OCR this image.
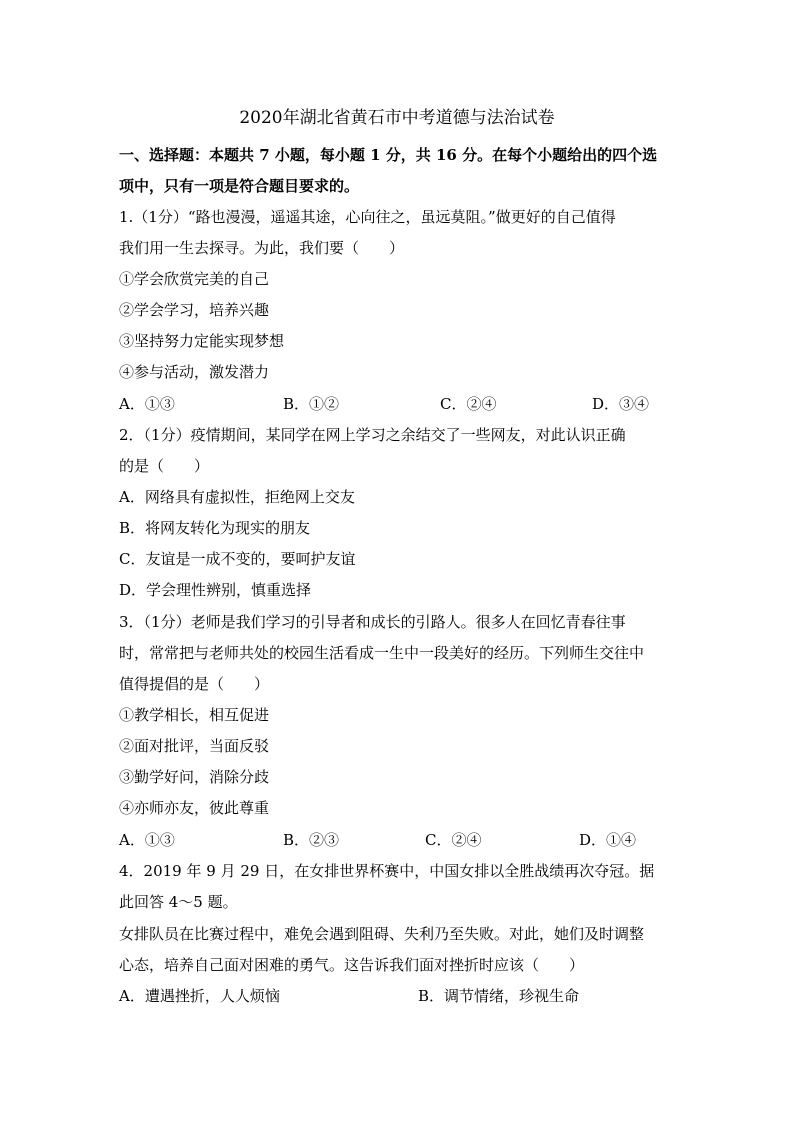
2020年湖北省黄石市中考道德与法治试卷
一、选择题：本题共 7 小题，每小题 1 分，共 16 分。在每个小题给出的四个选
项中，只有一项是符合题目要求的。
1.（1分）“路也漫漫，遥遥其途，心向往之，虽远莫阻。”做更好的自己值得
我们用一生去探寻。为此，我们要（　　）
①学会欣赏完美的自己
②学会学习，培养兴趣
③坚持努力定能实现梦想
④参与活动，激发潜力
A．①③	B．①②	C．②④	D．③④
2．（1分）疫情期间，某同学在网上学习之余结交了一些网友，对此认识正确
的是（　　）
A．网络具有虚拟性，拒绝网上交友
B．将网友转化为现实的朋友
C．友谊是一成不变的，要呵护友谊
D．学会理性辨别，慎重选择
3．（1分）老师是我们学习的引导者和成长的引路人。很多人在回忆青春往事
时，常常把与老师共处的校园生活看成一生中一段美好的经历。下列师生交往中
值得提倡的是（　　）
①教学相长，相互促进
②面对批评，当面反驳
③勤学好问，消除分歧
④亦师亦友，彼此尊重
A．①③	B．②③	C．②④	D．①④
4．2019 年 9 月 29 日，在女排世界杯赛中，中国女排以全胜战绩再次夺冠。据
此回答 4～5 题。
女排队员在比赛过程中，难免会遇到阻碍、失利乃至失败。对此，她们及时调整
心态，培养自己面对困难的勇气。这告诉我们面对挫折时应该（　　）
A．遭遇挫折，人人烦恼	B．调节情绪，珍视生命
